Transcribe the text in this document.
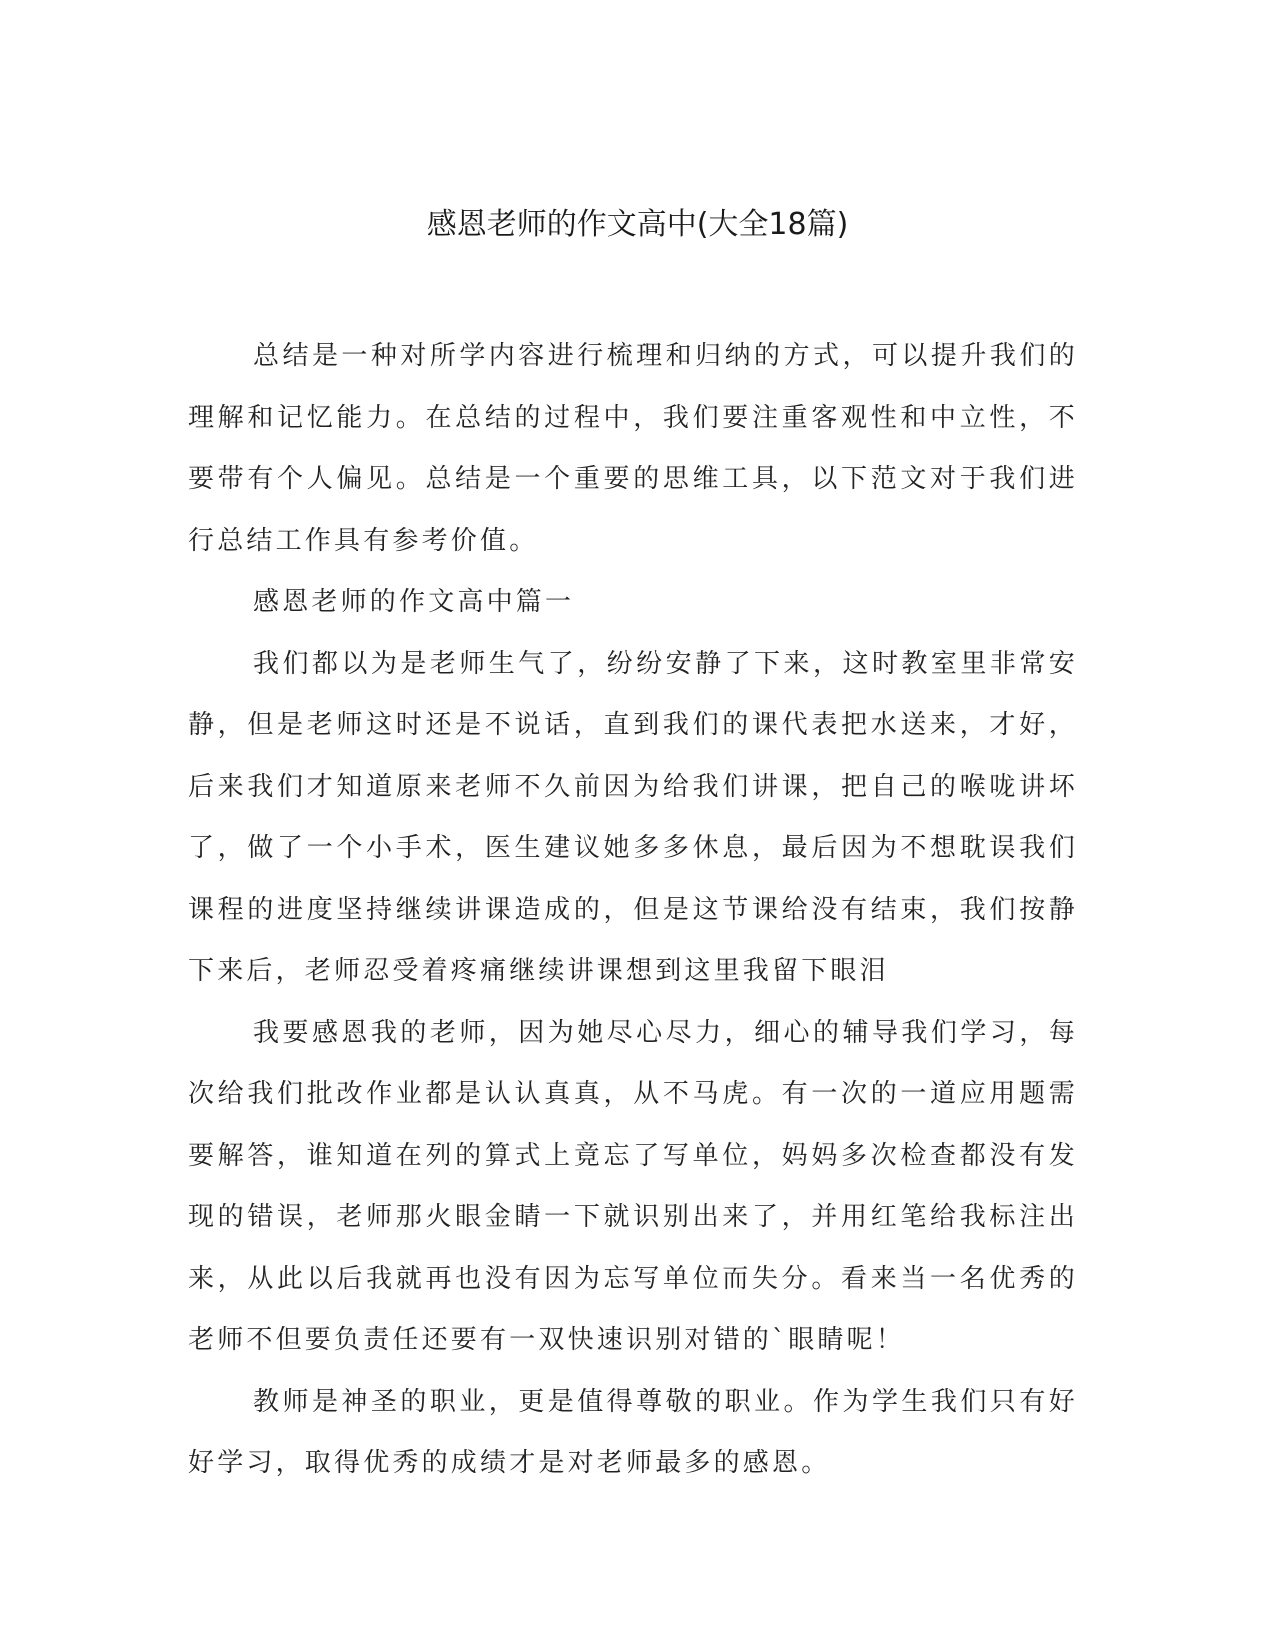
感恩老师的作文高中(大全18篇)

总结是一种对所学内容进行梳理和归纳的方式，可以提升我们的理解和记忆能力。在总结的过程中，我们要注重客观性和中立性，不要带有个人偏见。总结是一个重要的思维工具，以下范文对于我们进行总结工作具有参考价值。

感恩老师的作文高中篇一

我们都以为是老师生气了，纷纷安静了下来，这时教室里非常安静，但是老师这时还是不说话，直到我们的课代表把水送来，才好，后来我们才知道原来老师不久前因为给我们讲课，把自己的喉咙讲坏了，做了一个小手术，医生建议她多多休息，最后因为不想耽误我们课程的进度坚持继续讲课造成的，但是这节课给没有结束，我们按静下来后，老师忍受着疼痛继续讲课想到这里我留下眼泪

我要感恩我的老师，因为她尽心尽力，细心的辅导我们学习，每次给我们批改作业都是认认真真，从不马虎。有一次的一道应用题需要解答，谁知道在列的算式上竟忘了写单位，妈妈多次检查都没有发现的错误，老师那火眼金睛一下就识别出来了，并用红笔给我标注出来，从此以后我就再也没有因为忘写单位而失分。看来当一名优秀的老师不但要负责任还要有一双快速识别对错的`眼睛呢！

教师是神圣的职业，更是值得尊敬的职业。作为学生我们只有好好学习，取得优秀的成绩才是对老师最多的感恩。
